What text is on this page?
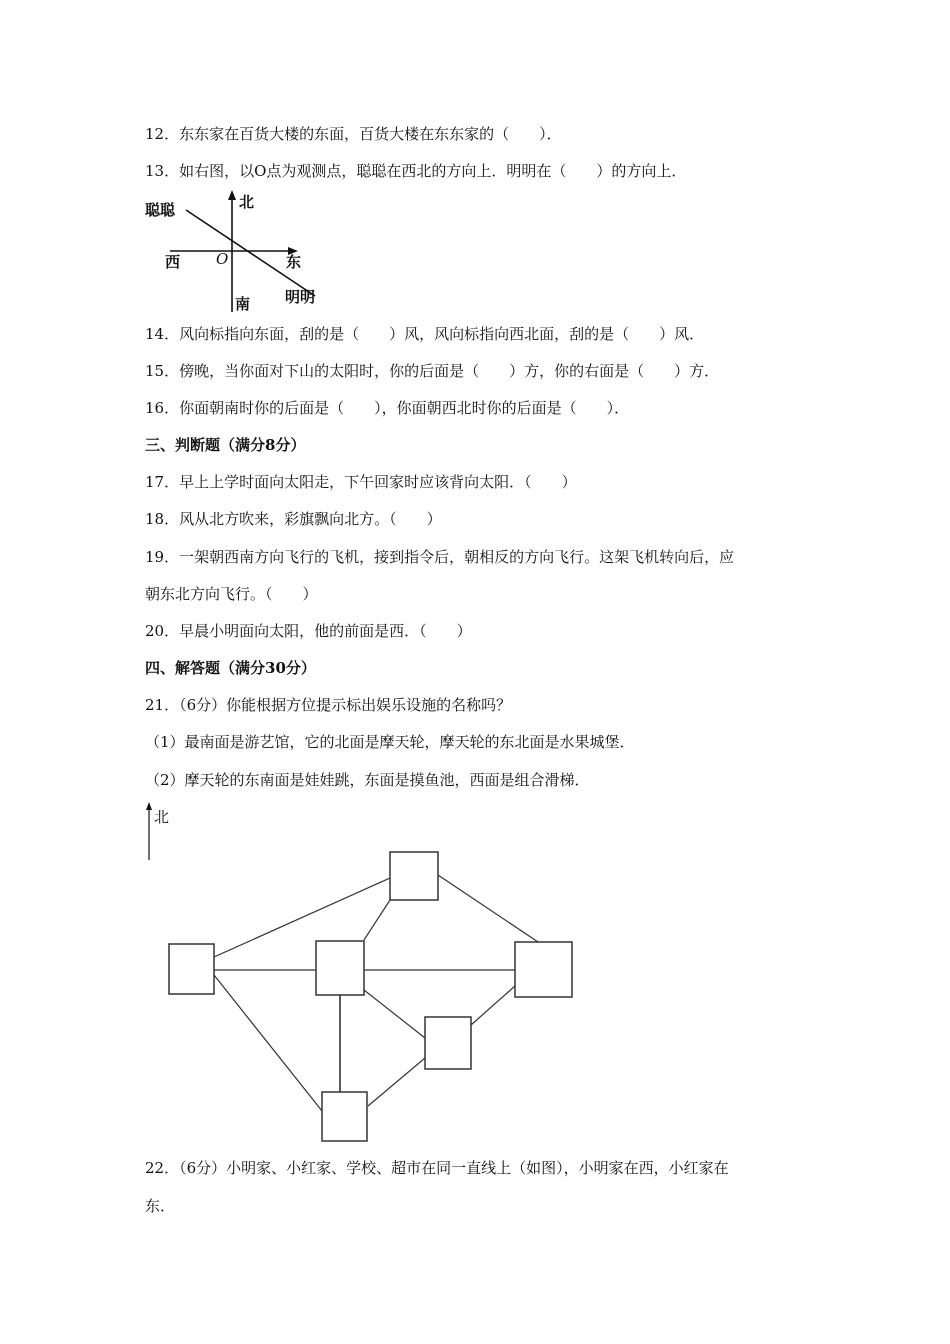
12．东东家在百货大楼的东面，百货大楼在东东家的（　　）．
13．如右图，以O点为观测点，聪聪在西北的方向上．明明在（　　）的方向上．
北
南
东
西 O
聪聪
明明
14．风向标指向东面，刮的是（　　）风，风向标指向西北面，刮的是（　　）风．
15．傍晚，当你面对下山的太阳时，你的后面是（　　）方，你的右面是（　　）方．
16．你面朝南时你的后面是（　　），你面朝西北时你的后面是（　　）．
三、判断题（满分8分）
17．早上上学时面向太阳走，下午回家时应该背向太阳．（　　）
18．风从北方吹来，彩旗飘向北方。（　　）
19．一架朝西南方向飞行的飞机，接到指令后，朝相反的方向飞行。这架飞机转向后，应
朝东北方向飞行。（　　）
20．早晨小明面向太阳，他的前面是西．（　　）
四、解答题（满分30分）
21．（6分）你能根据方位提示标出娱乐设施的名称吗？
（1）最南面是游艺馆，它的北面是摩天轮，摩天轮的东北面是水果城堡．
（2）摩天轮的东南面是娃娃跳，东面是摸鱼池，西面是组合滑梯．
北
22．（6分）小明家、小红家、学校、超市在同一直线上（如图），小明家在西，小红家在
东．
